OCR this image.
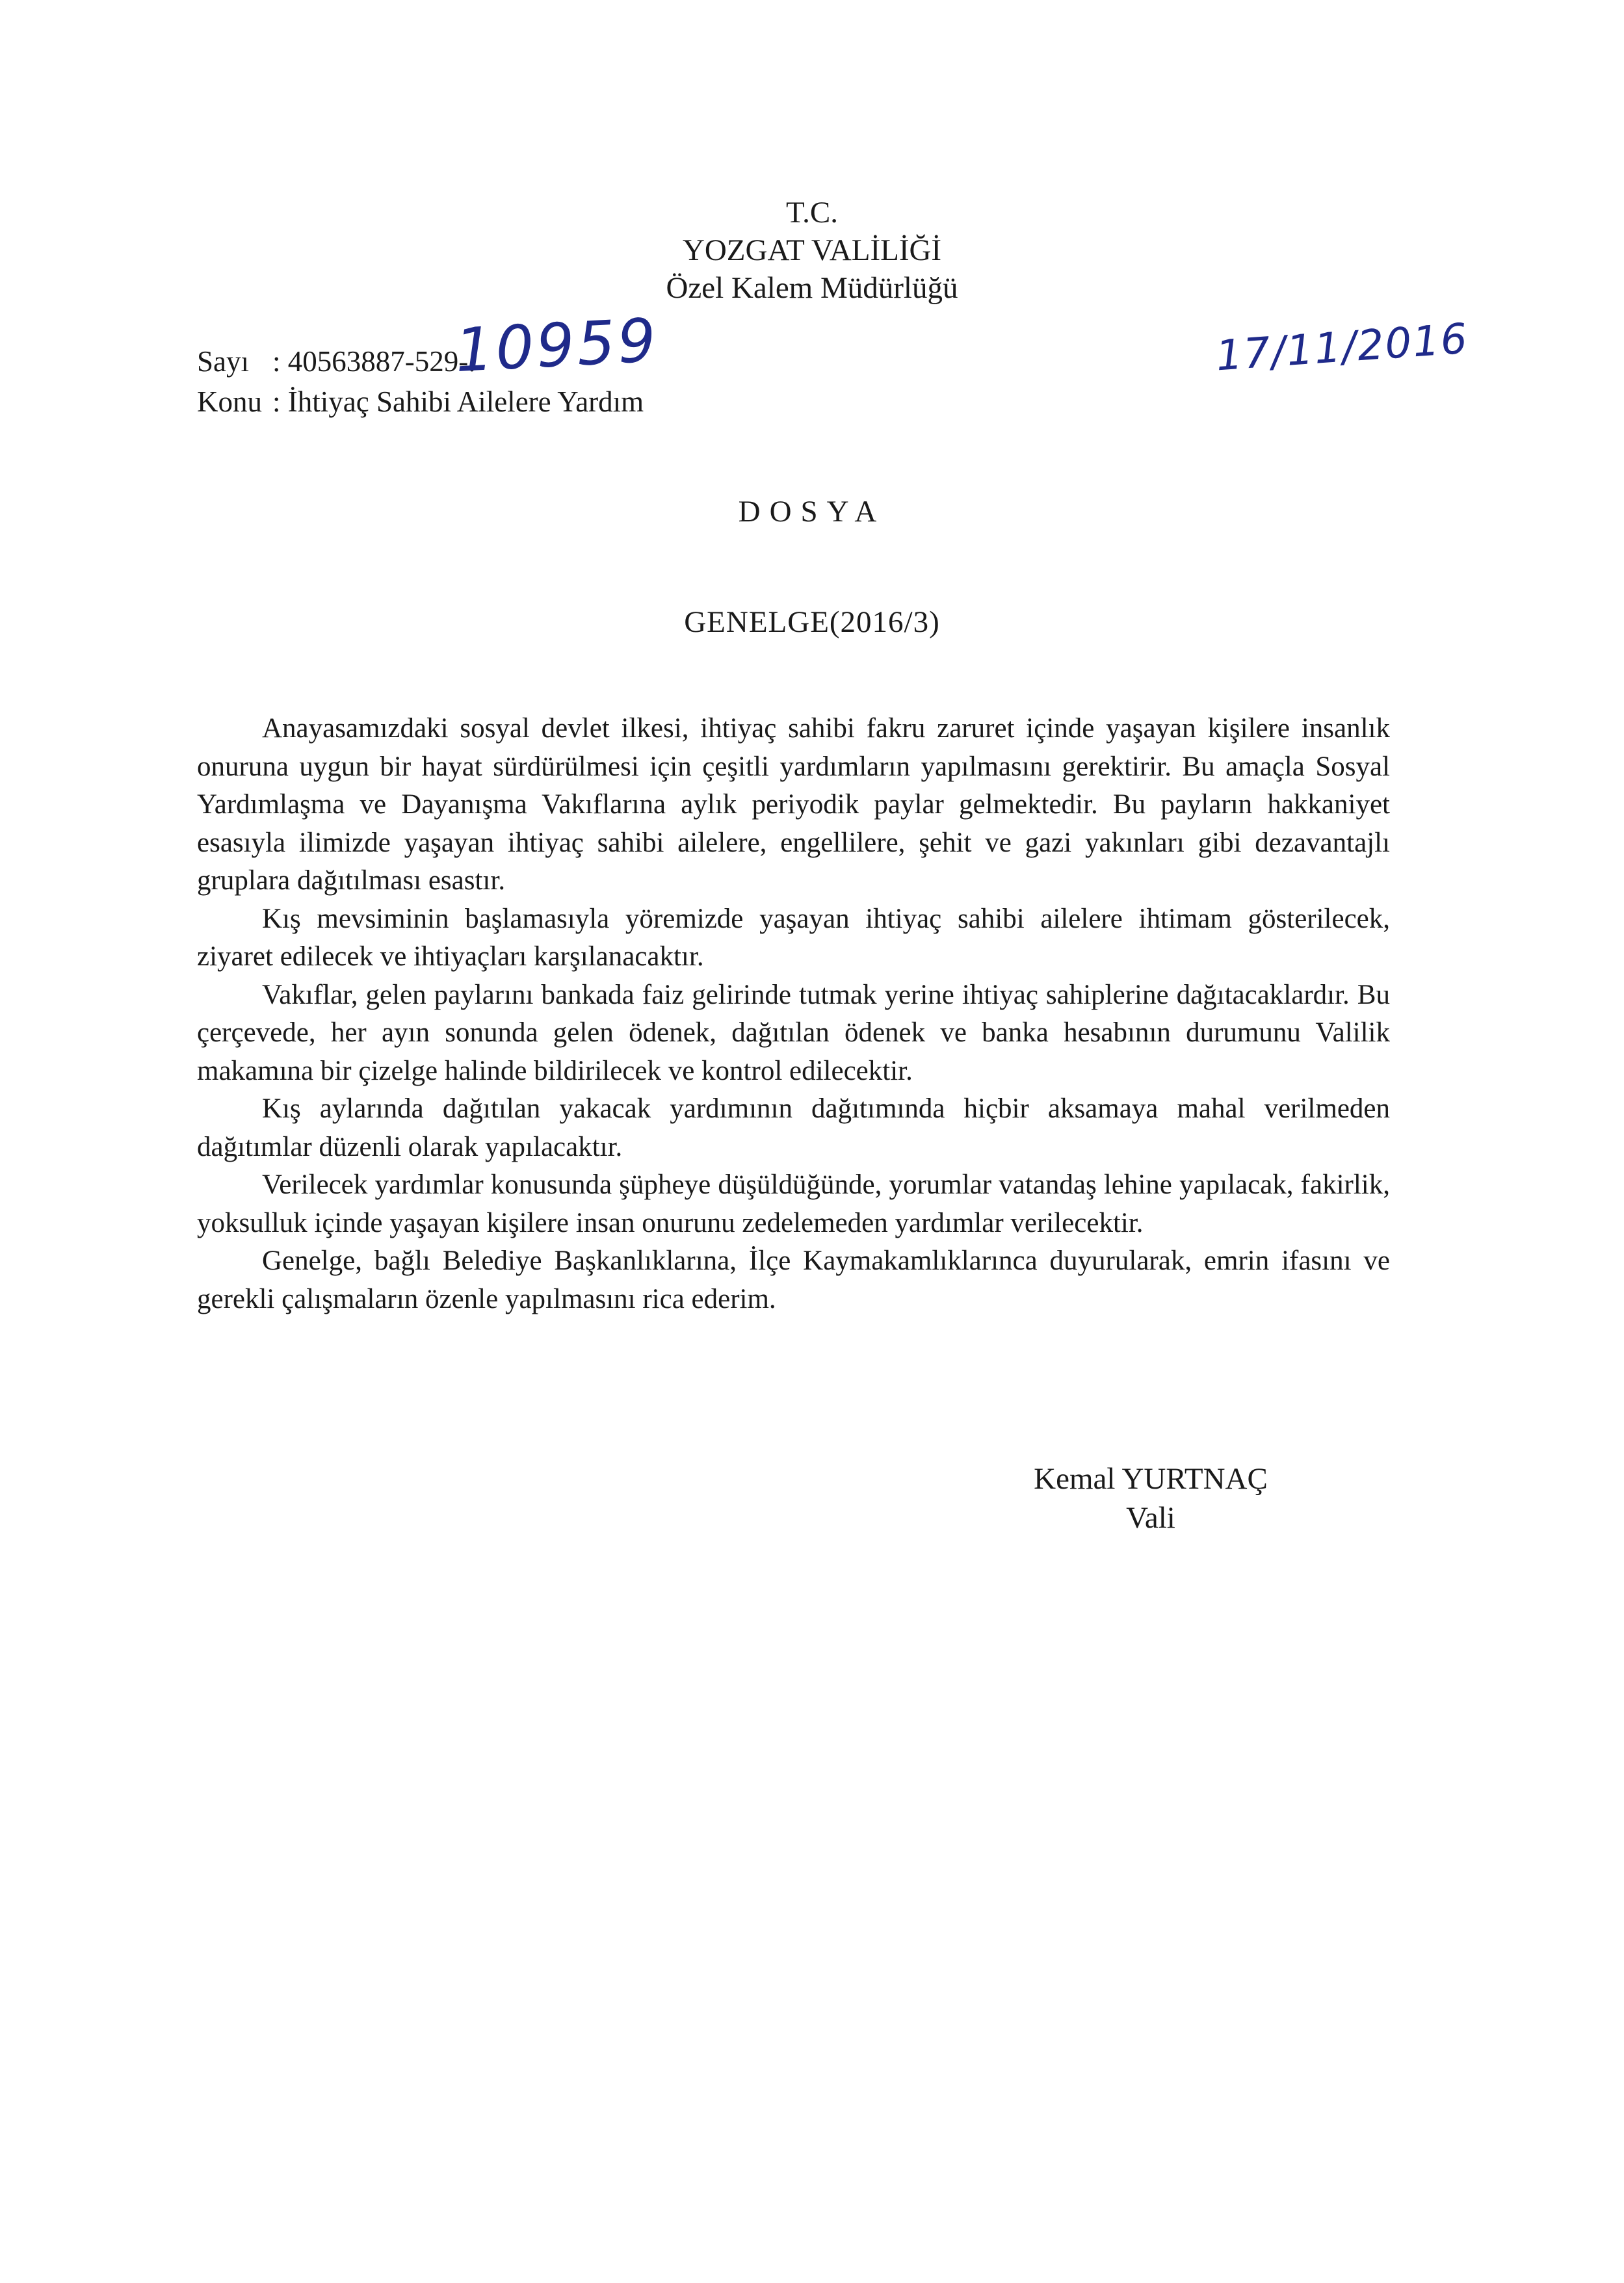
T.C.
YOZGAT VALİLİĞİ
Özel Kalem Müdürlüğü
Sayı : 40563887-529-.
Konu : İhtiyaç Sahibi Ailelere Yardım
10959	17/11/2016
DOSYA
GENELGE(2016/3)

Anayasamızdaki sosyal devlet ilkesi, ihtiyaç sahibi fakru zaruret içinde yaşayan kişilere insanlık onuruna uygun bir hayat sürdürülmesi için çeşitli yardımların yapılmasını gerektirir. Bu amaçla Sosyal Yardımlaşma ve Dayanışma Vakıflarına aylık periyodik paylar gelmektedir. Bu payların hakkaniyet esasıyla ilimizde yaşayan ihtiyaç sahibi ailelere, engellilere, şehit ve gazi yakınları gibi dezavantajlı gruplara dağıtılması esastır.

Kış mevsiminin başlamasıyla yöremizde yaşayan ihtiyaç sahibi ailelere ihtimam gösterilecek, ziyaret edilecek ve ihtiyaçları karşılanacaktır.

Vakıflar, gelen paylarını bankada faiz gelirinde tutmak yerine ihtiyaç sahiplerine dağıtacaklardır. Bu çerçevede, her ayın sonunda gelen ödenek, dağıtılan ödenek ve banka hesabının durumunu Valilik makamına bir çizelge halinde bildirilecek ve kontrol edilecektir.

Kış aylarında dağıtılan yakacak yardımının dağıtımında hiçbir aksamaya mahal verilmeden dağıtımlar düzenli olarak yapılacaktır.

Verilecek yardımlar konusunda şüpheye düşüldüğünde, yorumlar vatandaş lehine yapılacak, fakirlik, yoksulluk içinde yaşayan kişilere insan onurunu zedelemeden yardımlar verilecektir.

Genelge, bağlı Belediye Başkanlıklarına, İlçe Kaymakamlıklarınca duyurularak, emrin ifasını ve gerekli çalışmaların özenle yapılmasını rica ederim.

Kemal YURTNAÇ
Vali
